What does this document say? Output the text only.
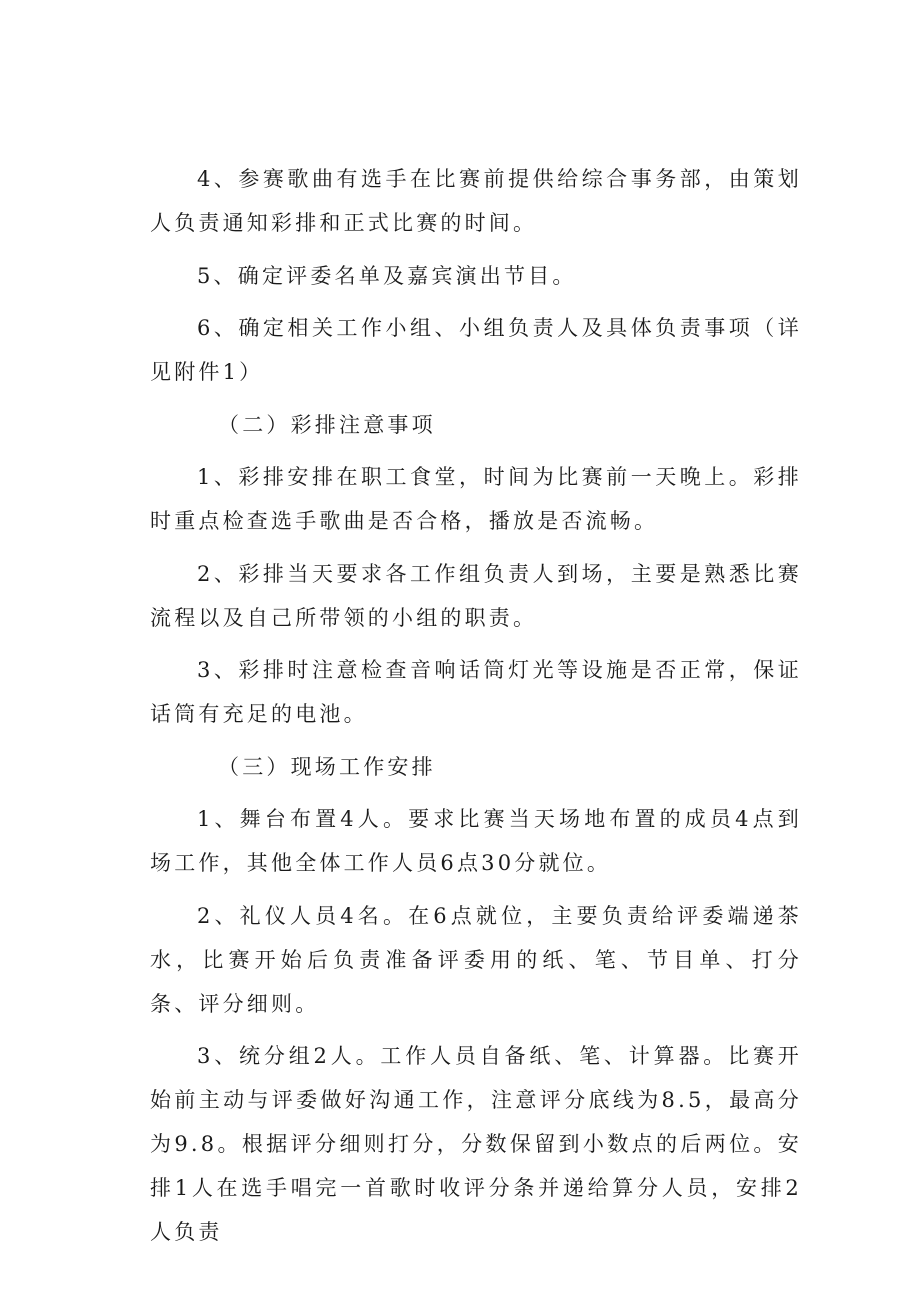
4、参赛歌曲有选手在比赛前提供给综合事务部，由策划人负责通知彩排和正式比赛的时间。

5、确定评委名单及嘉宾演出节目。

6、确定相关工作小组、小组负责人及具体负责事项（详见附件1）

（二）彩排注意事项

1、彩排安排在职工食堂，时间为比赛前一天晚上。彩排时重点检查选手歌曲是否合格，播放是否流畅。

2、彩排当天要求各工作组负责人到场，主要是熟悉比赛流程以及自己所带领的小组的职责。

3、彩排时注意检查音响话筒灯光等设施是否正常，保证话筒有充足的电池。

（三）现场工作安排

1、舞台布置4人。要求比赛当天场地布置的成员4点到场工作，其他全体工作人员6点30分就位。

2、礼仪人员4名。在6点就位，主要负责给评委端递茶水，比赛开始后负责准备评委用的纸、笔、节目单、打分条、评分细则。

3、统分组2人。工作人员自备纸、笔、计算器。比赛开始前主动与评委做好沟通工作，注意评分底线为8.5，最高分为9.8。根据评分细则打分，分数保留到小数点的后两位。安排1人在选手唱完一首歌时收评分条并递给算分人员，安排2人负责
